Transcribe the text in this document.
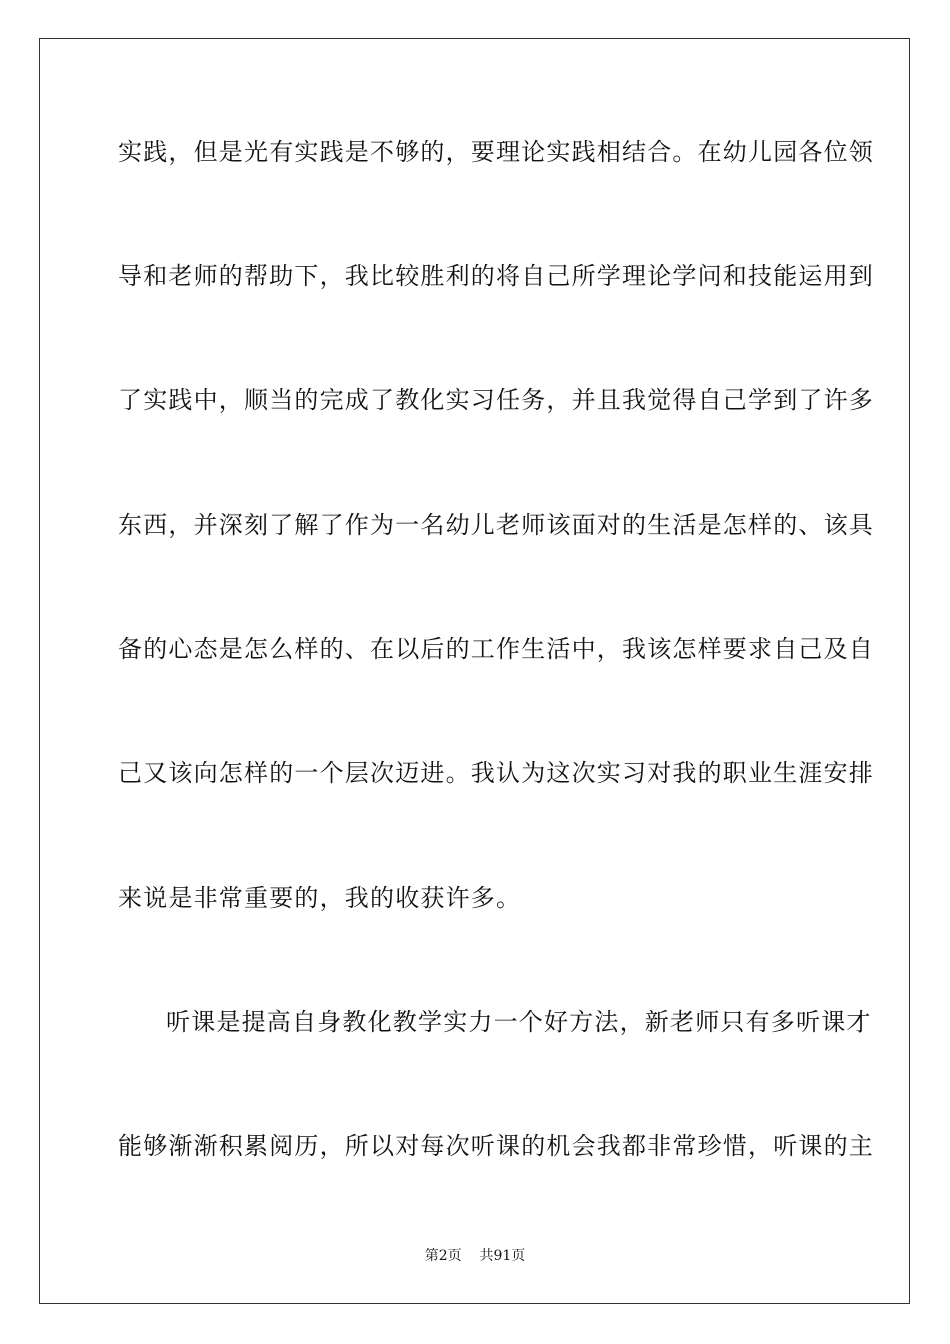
实践，但是光有实践是不够的，要理论实践相结合。在幼儿园各位领
导和老师的帮助下，我比较胜利的将自己所学理论学问和技能运用到
了实践中，顺当的完成了教化实习任务，并且我觉得自己学到了许多
东西，并深刻了解了作为一名幼儿老师该面对的生活是怎样的、该具
备的心态是怎么样的、在以后的工作生活中，我该怎样要求自己及自
己又该向怎样的一个层次迈进。我认为这次实习对我的职业生涯安排
来说是非常重要的，我的收获许多。
听课是提高自身教化教学实力一个好方法，新老师只有多听课才
能够渐渐积累阅历，所以对每次听课的机会我都非常珍惜，听课的主
第2页    共91页
